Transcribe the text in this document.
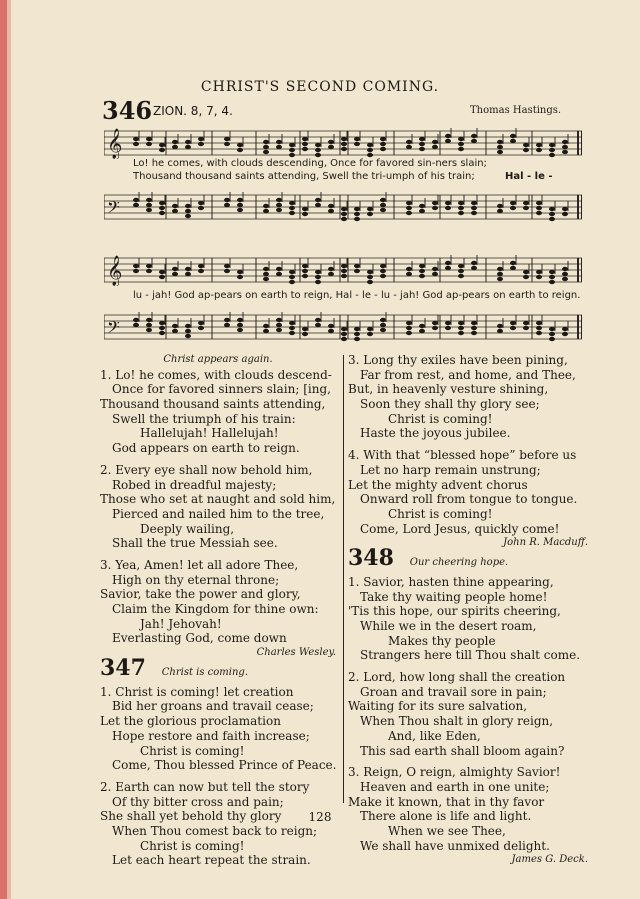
CHRIST'S SECOND COMING.
346 ZION. 8, 7, 4.	Thomas Hastings.
𝄞
Lo! he comes, with clouds descending, Once for favored sin-ners slain;
Thousand thousand saints attending, Swell the tri-umph of his train;	Hal - le -
𝄢
𝄞
lu - jah! God ap-pears on earth to reign, Hal - le - lu - jah! God ap-pears on earth to reign.
𝄢
Christ appears again.
1. Lo! he comes, with clouds descend-
Once for favored sinners slain; [ing,
Thousand thousand saints attending,
Swell the triumph of his train:
Hallelujah! Hallelujah!
God appears on earth to reign.
2. Every eye shall now behold him,
Robed in dreadful majesty;
Those who set at naught and sold him,
Pierced and nailed him to the tree,
Deeply wailing,
Shall the true Messiah see.
3. Yea, Amen! let all adore Thee,
High on thy eternal throne;
Savior, take the power and glory,
Claim the Kingdom for thine own:
Jah! Jehovah!
Everlasting God, come down
Charles Wesley.
347 Christ is coming.
1. Christ is coming! let creation
Bid her groans and travail cease;
Let the glorious proclamation
Hope restore and faith increase;
Christ is coming!
Come, Thou blessed Prince of Peace.
2. Earth can now but tell the story
Of thy bitter cross and pain;
She shall yet behold thy glory
When Thou comest back to reign;
Christ is coming!
Let each heart repeat the strain.
3. Long thy exiles have been pining,
Far from rest, and home, and Thee,
But, in heavenly vesture shining,
Soon they shall thy glory see;
Christ is coming!
Haste the joyous jubilee.
4. With that “blessed hope” before us
Let no harp remain unstrung;
Let the mighty advent chorus
Onward roll from tongue to tongue.
Christ is coming!
Come, Lord Jesus, quickly come!
John R. Macduff.
348 Our cheering hope.
1. Savior, hasten thine appearing,
Take thy waiting people home!
'Tis this hope, our spirits cheering,
While we in the desert roam,
Makes thy people
Strangers here till Thou shalt come.
2. Lord, how long shall the creation
Groan and travail sore in pain;
Waiting for its sure salvation,
When Thou shalt in glory reign,
And, like Eden,
This sad earth shall bloom again?
3. Reign, O reign, almighty Savior!
Heaven and earth in one unite;
Make it known, that in thy favor
There alone is life and light.
When we see Thee,
We shall have unmixed delight.
James G. Deck.
128
